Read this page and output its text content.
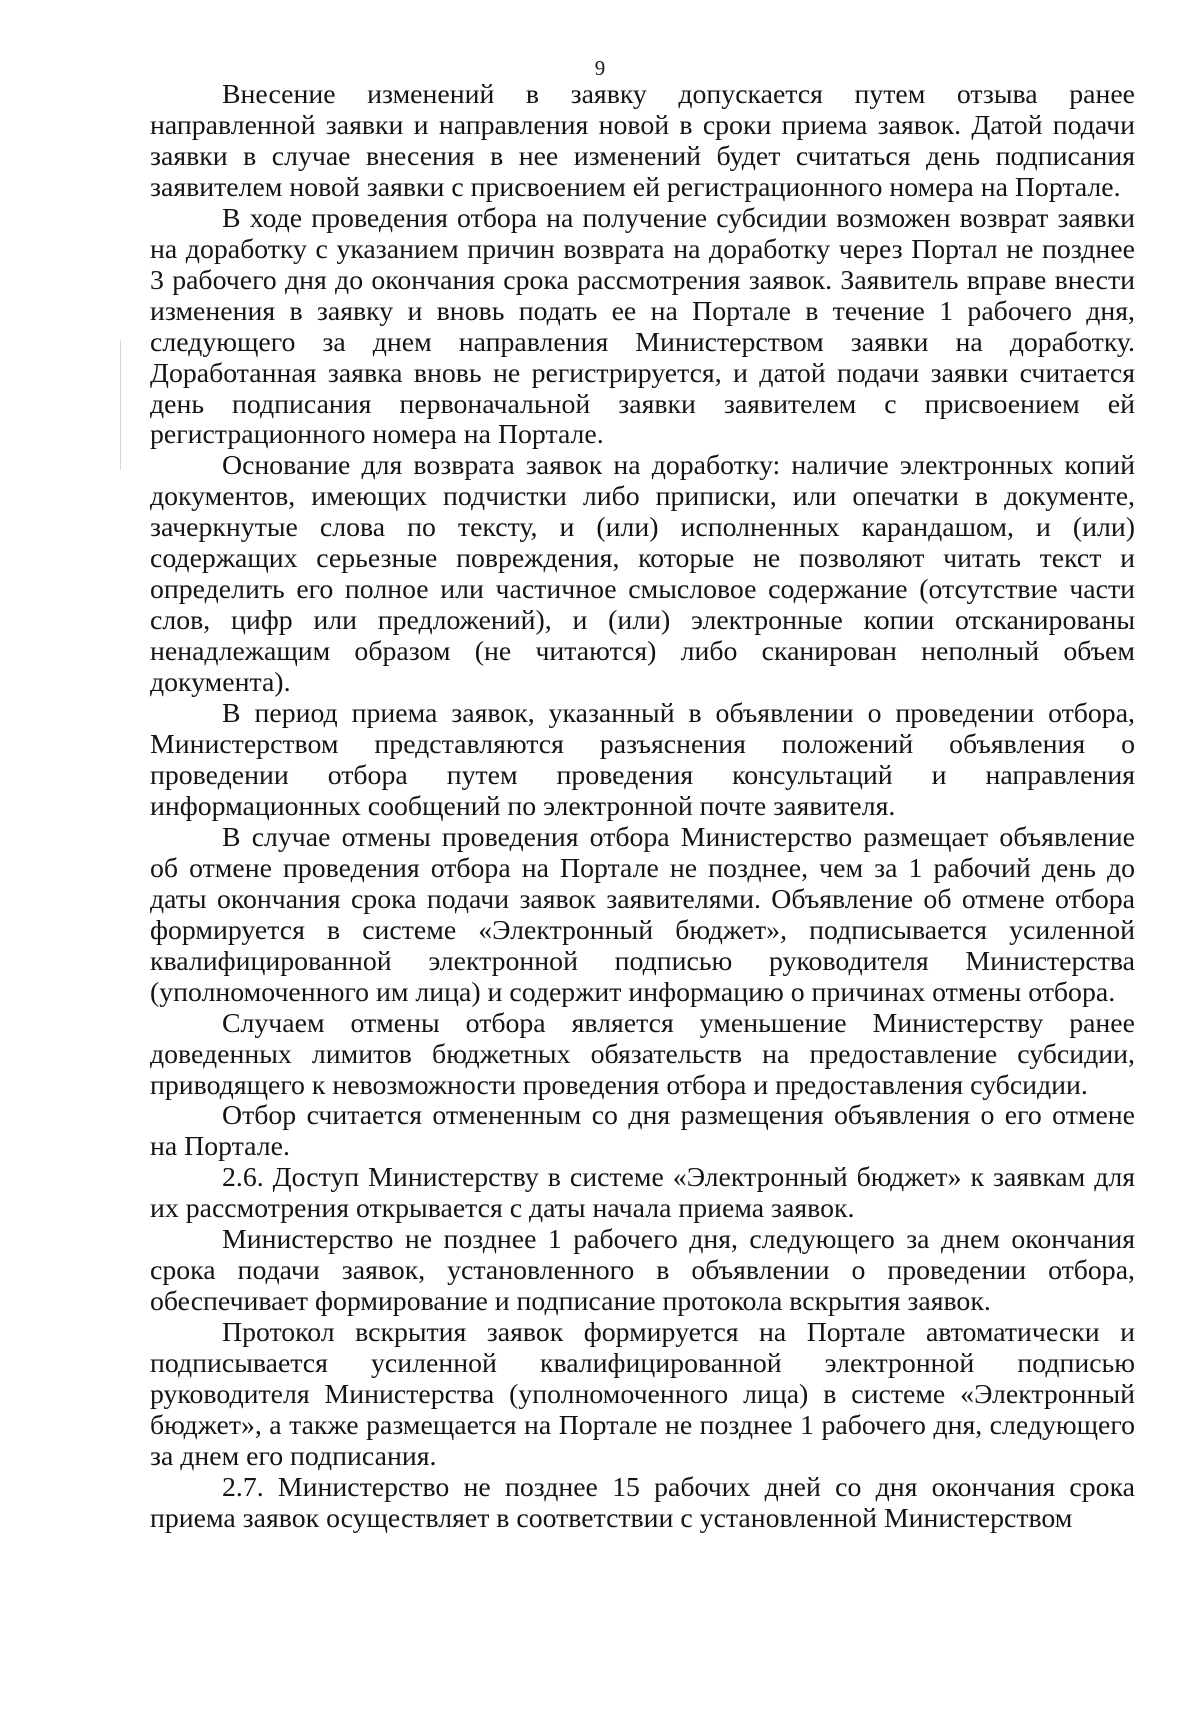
9

Внесение изменений в заявку допускается путем отзыва ранее направленной заявки и направления новой в сроки приема заявок. Датой подачи заявки в случае внесения в нее изменений будет считаться день подписания заявителем новой заявки с присвоением ей регистрационного номера на Портале.

В ходе проведения отбора на получение субсидии возможен возврат заявки на доработку с указанием причин возврата на доработку через Портал не позднее 3 рабочего дня до окончания срока рассмотрения заявок. Заявитель вправе внести изменения в заявку и вновь подать ее на Портале в течение 1 рабочего дня, следующего за днем направления Министерством заявки на доработку. Доработанная заявка вновь не регистрируется, и датой подачи заявки считается день подписания первоначальной заявки заявителем с присвоением ей регистрационного номера на Портале.

Основание для возврата заявок на доработку: наличие электронных копий документов, имеющих подчистки либо приписки, или опечатки в документе, зачеркнутые слова по тексту, и (или) исполненных карандашом, и (или) содержащих серьезные повреждения, которые не позволяют читать текст и определить его полное или частичное смысловое содержание (отсутствие части слов, цифр или предложений), и (или) электронные копии отсканированы ненадлежащим образом (не читаются) либо сканирован неполный объем документа).

В период приема заявок, указанный в объявлении о проведении отбора, Министерством представляются разъяснения положений объявления о проведении отбора путем проведения консультаций и направления информационных сообщений по электронной почте заявителя.

В случае отмены проведения отбора Министерство размещает объявление об отмене проведения отбора на Портале не позднее, чем за 1 рабочий день до даты окончания срока подачи заявок заявителями. Объявление об отмене отбора формируется в системе «Электронный бюджет», подписывается усиленной квалифицированной электронной подписью руководителя Министерства (уполномоченного им лица) и содержит информацию о причинах отмены отбора.

Случаем отмены отбора является уменьшение Министерству ранее доведенных лимитов бюджетных обязательств на предоставление субсидии, приводящего к невозможности проведения отбора и предоставления субсидии.

Отбор считается отмененным со дня размещения объявления о его отмене на Портале.

2.6. Доступ Министерству в системе «Электронный бюджет» к заявкам для их рассмотрения открывается с даты начала приема заявок.

Министерство не позднее 1 рабочего дня, следующего за днем окончания срока подачи заявок, установленного в объявлении о проведении отбора, обеспечивает формирование и подписание протокола вскрытия заявок.

Протокол вскрытия заявок формируется на Портале автоматически и подписывается усиленной квалифицированной электронной подписью руководителя Министерства (уполномоченного лица) в системе «Электронный бюджет», а также размещается на Портале не позднее 1 рабочего дня, следующего за днем его подписания.

2.7. Министерство не позднее 15 рабочих дней со дня окончания срока приема заявок осуществляет в соответствии с установленной Министерством
